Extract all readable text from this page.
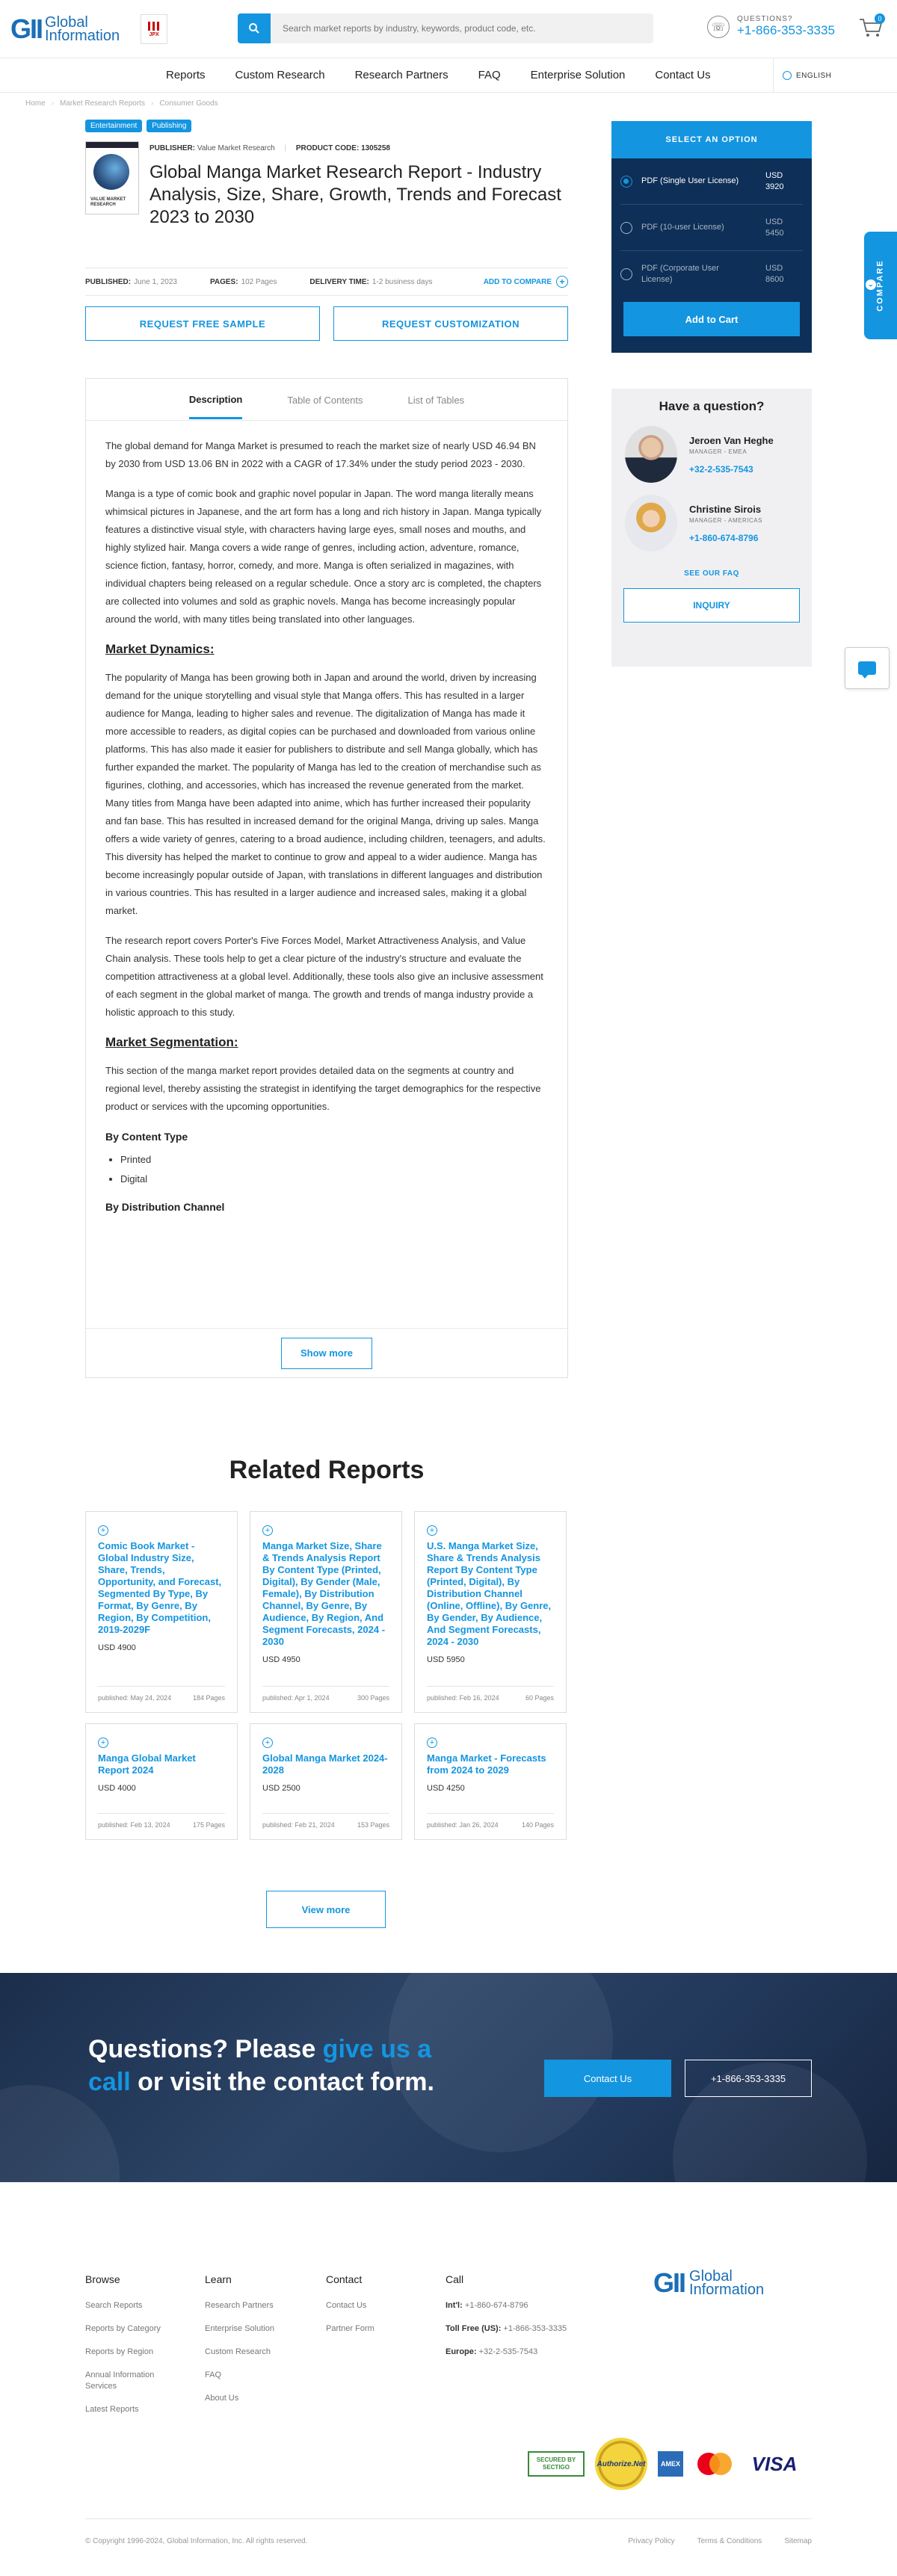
GII Global
Information	JPX
Search market reports by industry, keywords, product code, etc.
☏
QUESTIONS?
+1-866-353-3335
0
Reports	Custom Research	Research Partners	FAQ	Enterprise Solution	Contact Us	ENGLISH
Home › Market Research Reports › Consumer Goods
Entertainment	Publishing
VALUE MARKET RESEARCH
PUBLISHER: Value Market Research | PRODUCT CODE: 1305258
Global Manga Market Research Report - Industry Analysis, Size, Share, Growth, Trends and Forecast 2023 to 2030
PUBLISHED: June 1, 2023	PAGES: 102 Pages	DELIVERY TIME: 1-2 business days	ADD TO COMPARE +
REQUEST FREE SAMPLE	REQUEST CUSTOMIZATION
Description	Table of Contents	List of Tables

The global demand for Manga Market is presumed to reach the market size of nearly USD 46.94 BN by 2030 from USD 13.06 BN in 2022 with a CAGR of 17.34% under the study period 2023 - 2030.

Manga is a type of comic book and graphic novel popular in Japan. The word manga literally means whimsical pictures in Japanese, and the art form has a long and rich history in Japan. Manga typically features a distinctive visual style, with characters having large eyes, small noses and mouths, and highly stylized hair. Manga covers a wide range of genres, including action, adventure, romance, science fiction, fantasy, horror, comedy, and more. Manga is often serialized in magazines, with individual chapters being released on a regular schedule. Once a story arc is completed, the chapters are collected into volumes and sold as graphic novels. Manga has become increasingly popular around the world, with many titles being translated into other languages.

Market Dynamics:

The popularity of Manga has been growing both in Japan and around the world, driven by increasing demand for the unique storytelling and visual style that Manga offers. This has resulted in a larger audience for Manga, leading to higher sales and revenue. The digitalization of Manga has made it more accessible to readers, as digital copies can be purchased and downloaded from various online platforms. This has also made it easier for publishers to distribute and sell Manga globally, which has further expanded the market. The popularity of Manga has led to the creation of merchandise such as figurines, clothing, and accessories, which has increased the revenue generated from the market. Many titles from Manga have been adapted into anime, which has further increased their popularity and fan base. This has resulted in increased demand for the original Manga, driving up sales. Manga offers a wide variety of genres, catering to a broad audience, including children, teenagers, and adults. This diversity has helped the market to continue to grow and appeal to a wider audience. Manga has become increasingly popular outside of Japan, with translations in different languages and distribution in various countries. This has resulted in a larger audience and increased sales, making it a global market.

The research report covers Porter's Five Forces Model, Market Attractiveness Analysis, and Value Chain analysis. These tools help to get a clear picture of the industry's structure and evaluate the competition attractiveness at a global level. Additionally, these tools also give an inclusive assessment of each segment in the global market of manga. The growth and trends of manga industry provide a holistic approach to this study.

Market Segmentation:

This section of the manga market report provides detailed data on the segments at country and regional level, thereby assisting the strategist in identifying the target demographics for the respective product or services with the upcoming opportunities.

By Content Type
• Printed
• Digital
By Distribution Channel
Show more
SELECT AN OPTION
PDF (Single User License)
USD 3920
PDF (10-user License)
USD 5450
PDF (Corporate User License)
USD 8600
Add to Cart
‹ COMPARE
Have a question?
Jeroen Van Heghe
MANAGER - EMEA
+32-2-535-7543
Christine Sirois
MANAGER - AMERICAS
+1-860-674-8796
SEE OUR FAQ
INQUIRY
Related Reports
+
Comic Book Market - Global Industry Size, Share, Trends, Opportunity, and Forecast, Segmented By Type, By Format, By Genre, By Region, By Competition, 2019-2029F
USD 4900
published: May 24, 2024	184 Pages
+
Manga Market Size, Share & Trends Analysis Report By Content Type (Printed, Digital), By Gender (Male, Female), By Distribution Channel, By Genre, By Audience, By Region, And Segment Forecasts, 2024 - 2030
USD 4950
published: Apr 1, 2024	300 Pages
+
U.S. Manga Market Size, Share & Trends Analysis Report By Content Type (Printed, Digital), By Distribution Channel (Online, Offline), By Genre, By Gender, By Audience, And Segment Forecasts, 2024 - 2030
USD 5950
published: Feb 16, 2024	60 Pages
+
Manga Global Market Report 2024
USD 4000
published: Feb 13, 2024	175 Pages
+
Global Manga Market 2024-2028
USD 2500
published: Feb 21, 2024	153 Pages
+
Manga Market - Forecasts from 2024 to 2029
USD 4250
published: Jan 26, 2024	140 Pages
View more
Questions? Please give us a call or visit the contact form.	Contact Us	+1-866-353-3335
Browse
Search Reports
Reports by Category
Reports by Region
Annual Information Services
Latest Reports
Learn
Research Partners
Enterprise Solution
Custom Research
FAQ
About Us
Contact
Contact Us
Partner Form
Call
Int'l: +1-860-674-8796
Toll Free (US): +1-866-353-3335
Europe: +32-2-535-7543
GII Global
Information
SECURED BY SECTIGO	Authorize.Net	AMEX	VISA
© Copyright 1996-2024, Global Information, Inc. All rights reserved.	Privacy Policy	Terms & Conditions	Sitemap
